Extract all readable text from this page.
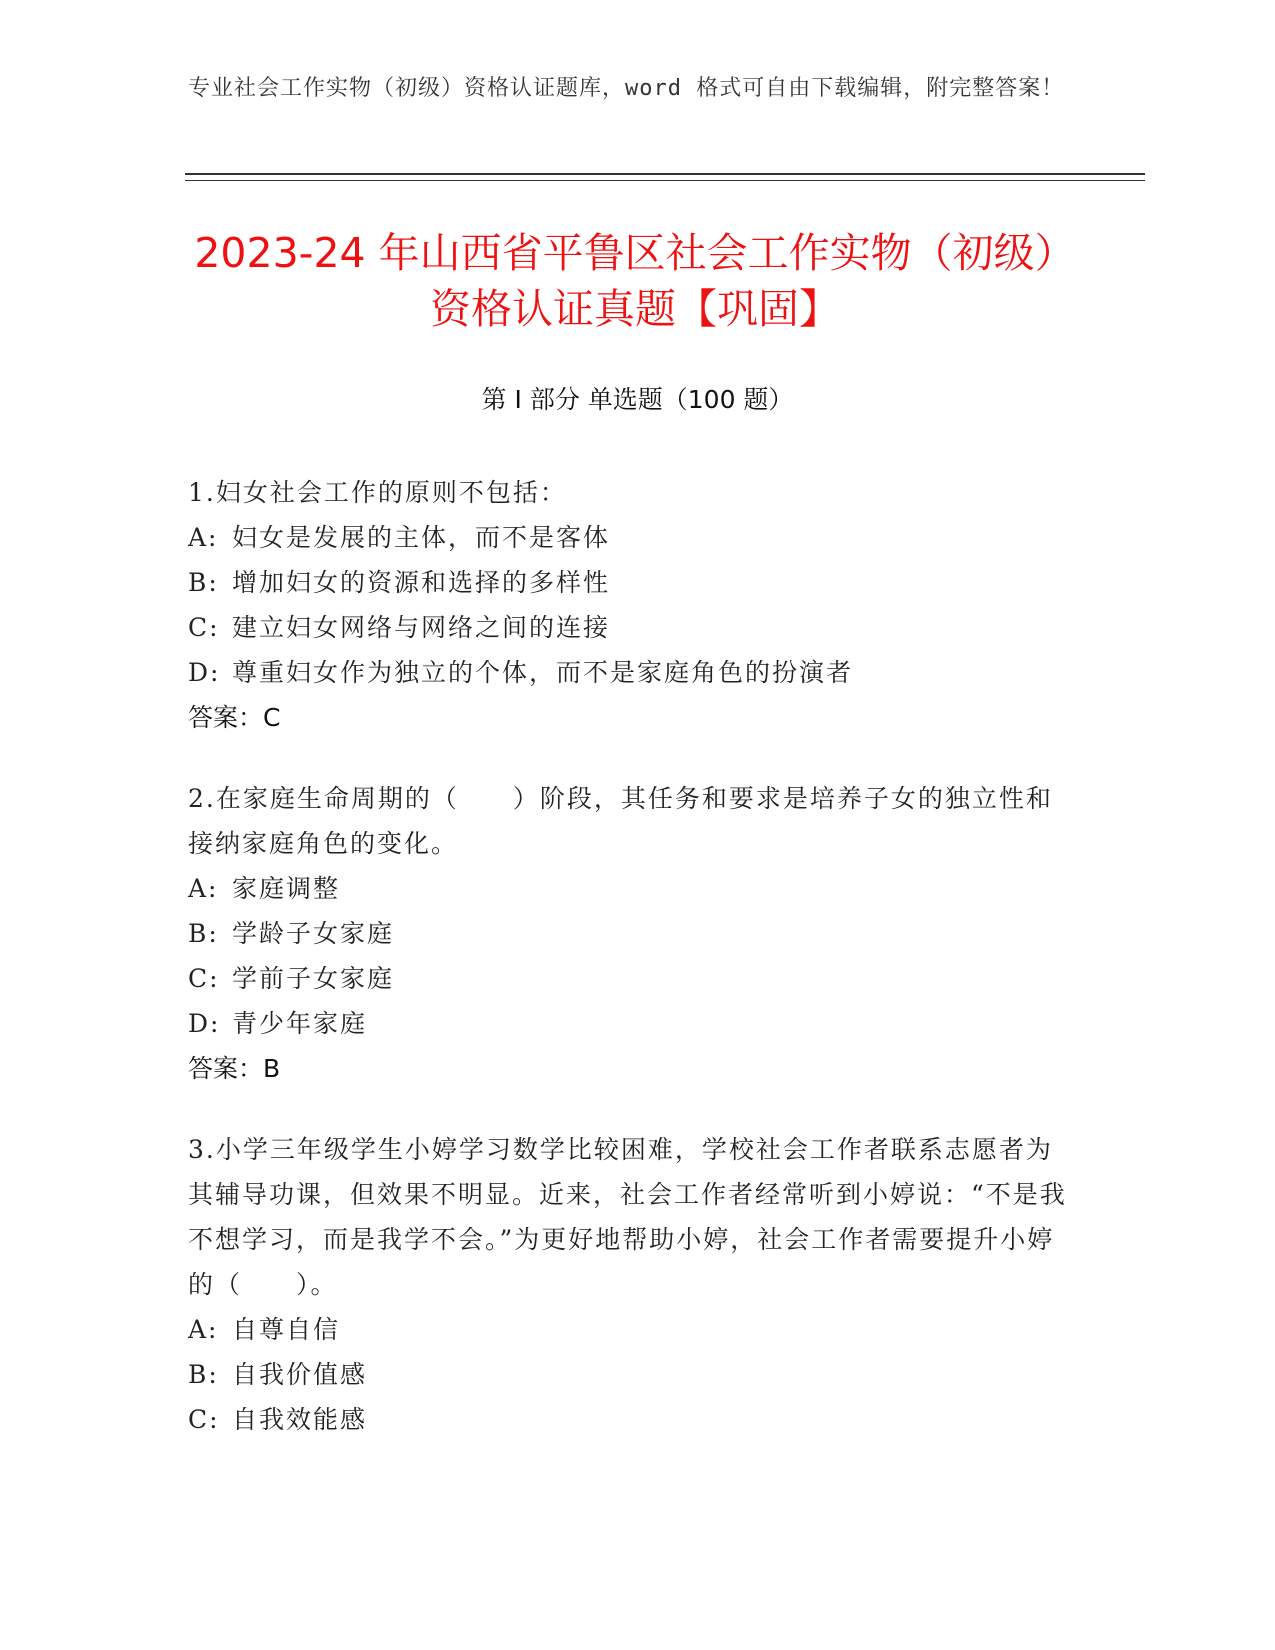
专业社会工作实物（初级）资格认证题库，word 格式可自由下载编辑，附完整答案！
2023-24 年山西省平鲁区社会工作实物（初级）资格认证真题【巩固】
第 I 部分 单选题（100 题）
1.妇女社会工作的原则不包括：
A: 妇女是发展的主体，而不是客体
B: 增加妇女的资源和选择的多样性
C: 建立妇女网络与网络之间的连接
D: 尊重妇女作为独立的个体，而不是家庭角色的扮演者
答案：C
2.在家庭生命周期的（　　）阶段，其任务和要求是培养子女的独立性和接纳家庭角色的变化。
A: 家庭调整
B: 学龄子女家庭
C: 学前子女家庭
D: 青少年家庭
答案：B
3.小学三年级学生小婷学习数学比较困难，学校社会工作者联系志愿者为其辅导功课，但效果不明显。近来，社会工作者经常听到小婷说：“不是我不想学习，而是我学不会。”为更好地帮助小婷，社会工作者需要提升小婷的（　　）。
A: 自尊自信
B: 自我价值感
C: 自我效能感
